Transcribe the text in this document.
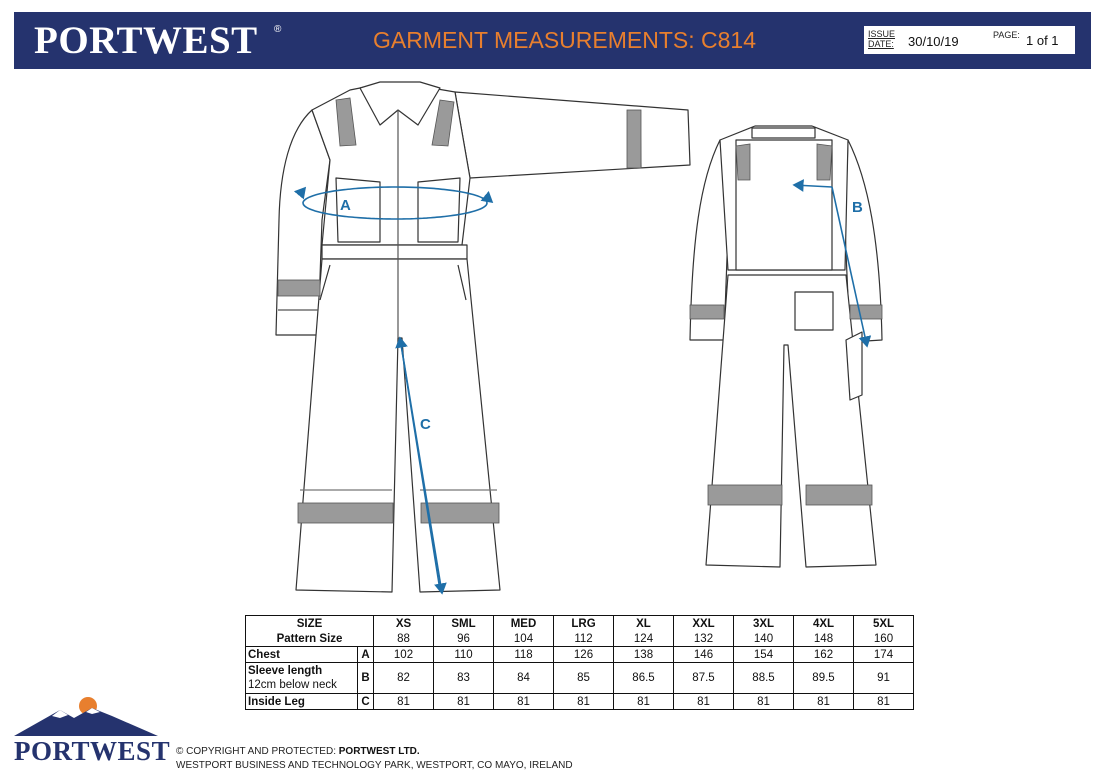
PORTWEST ®	GARMENT MEASUREMENTS: C814	ISSUE
DATE: 30/10/19	PAGE: 1 of 1
A	B
C
SIZE		XS	SML	MED	LRG	XL	XXL	3XL	4XL	5XL
Pattern Size		88	96	104	112	124	132	140	148	160
Chest	A	102	110	118	126	138	146	154	162	174
Sleeve length
12cm below neck	B	82	83	84	85	86.5	87.5	88.5	89.5	91
Inside Leg	C	81	81	81	81	81	81	81	81	81
PORTWEST © COPYRIGHT AND PROTECTED: PORTWEST LTD.
WESTPORT BUSINESS AND TECHNOLOGY PARK, WESTPORT, CO MAYO, IRELAND
